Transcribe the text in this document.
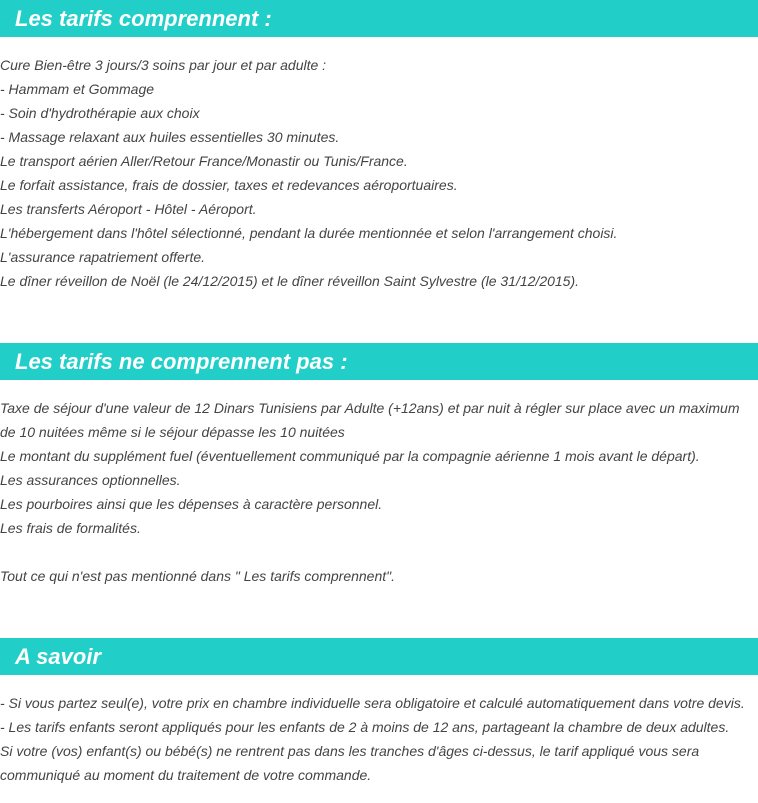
Les tarifs comprennent :
Cure Bien-être 3 jours/3 soins par jour et par adulte :
- Hammam et Gommage
- Soin d'hydrothérapie aux choix
- Massage relaxant aux huiles essentielles 30 minutes.
Le transport aérien Aller/Retour France/Monastir ou Tunis/France.
Le forfait assistance, frais de dossier, taxes et redevances aéroportuaires.
Les transferts Aéroport - Hôtel - Aéroport.
L'hébergement dans l'hôtel sélectionné, pendant la durée mentionnée et selon l'arrangement choisi.
L'assurance rapatriement offerte.
Le dîner réveillon de Noël (le 24/12/2015) et le dîner réveillon Saint Sylvestre (le 31/12/2015).
Les tarifs ne comprennent pas :
Taxe de séjour d'une valeur de 12 Dinars Tunisiens par Adulte (+12ans) et par nuit à régler sur place avec un maximum de 10 nuitées même si le séjour dépasse les 10 nuitées
Le montant du supplément fuel (éventuellement communiqué par la compagnie aérienne 1 mois avant le départ).
Les assurances optionnelles.
Les pourboires ainsi que les dépenses à caractère personnel.
Les frais de formalités.
Tout ce qui n'est pas mentionné dans " Les tarifs comprennent".
A savoir
- Si vous partez seul(e), votre prix en chambre individuelle sera obligatoire et calculé automatiquement dans votre devis.
- Les tarifs enfants seront appliqués pour les enfants de 2 à moins de 12 ans, partageant la chambre de deux adultes.
Si votre (vos) enfant(s) ou bébé(s) ne rentrent pas dans les tranches d'âges ci-dessus, le tarif appliqué vous sera communiqué au moment du traitement de votre commande.
